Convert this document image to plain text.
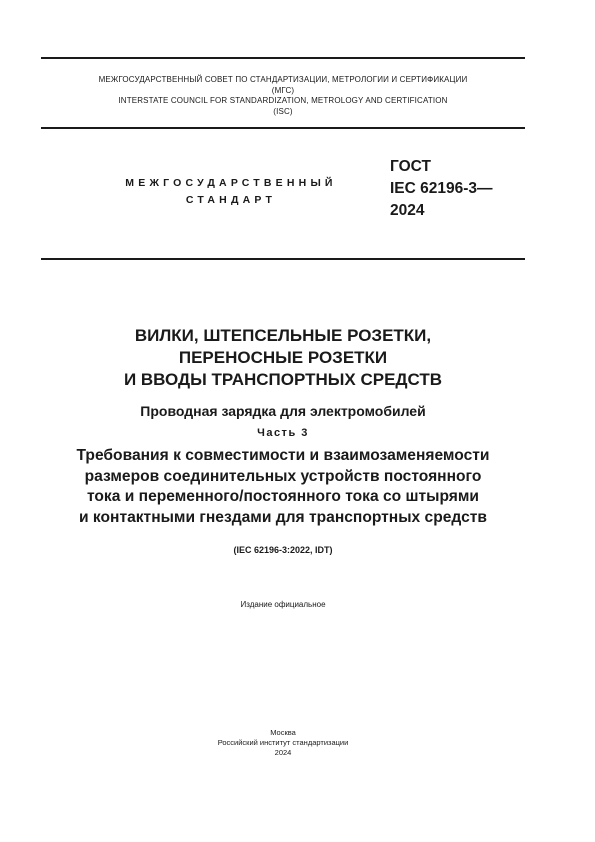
МЕЖГОСУДАРСТВЕННЫЙ СОВЕТ ПО СТАНДАРТИЗАЦИИ, МЕТРОЛОГИИ И СЕРТИФИКАЦИИ
(МГС)
INTERSTATE COUNCIL FOR STANDARDIZATION, METROLOGY AND CERTIFICATION
(ISC)
МЕЖГОСУДАРСТВЕННЫЙ
СТАНДАРТ
ГОСТ
IEC 62196-3—
2024
ВИЛКИ, ШТЕПСЕЛЬНЫЕ РОЗЕТКИ,
ПЕРЕНОСНЫЕ РОЗЕТКИ
И ВВОДЫ ТРАНСПОРТНЫХ СРЕДСТВ
Проводная зарядка для электромобилей
Часть 3
Требования к совместимости и взаимозаменяемости
размеров соединительных устройств постоянного
тока и переменного/постоянного тока со штырями
и контактными гнездами для транспортных средств
(IEC 62196-3:2022, IDT)
Издание официальное
Москва
Российский институт стандартизации
2024
